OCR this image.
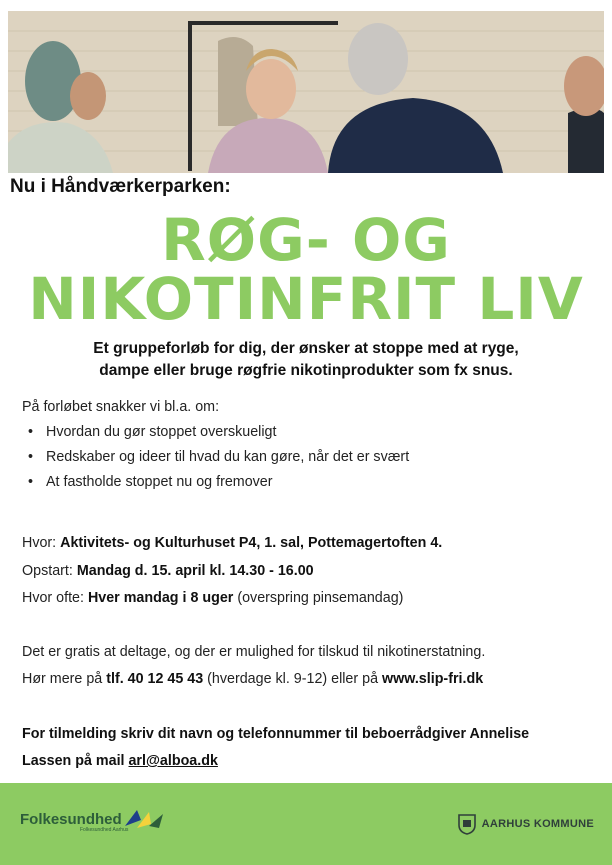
Nu i Håndværkerparken:
RØG- OG
NIKOTINFRIT LIV
Et gruppeforløb for dig, der ønsker at stoppe med at ryge,
dampe eller bruge røgfrie nikotinprodukter som fx snus.

På forløbet snakker vi bl.a. om:

• Hvordan du gør stoppet overskueligt
• Redskaber og ideer til hvad du kan gøre, når det er svært
• At fastholde stoppet nu og fremover
Hvor: Aktivitets- og Kulturhuset P4, 1. sal, Pottemagertoften 4.
Opstart: Mandag d. 15. april kl. 14.30 - 16.00
Hvor ofte: Hver mandag i 8 uger (overspring pinsemandag)
Det er gratis at deltage, og der er mulighed for tilskud til nikotinerstatning.
Hør mere på tlf. 40 12 45 43 (hverdage kl. 9-12) eller på www.slip-fri.dk
For tilmelding skriv dit navn og telefonnummer til beboerrådgiver Annelise
Lassen på mail arl@alboa.dk
Folkesundhed
Folkesundhed Aarhus	AARHUS KOMMUNE
